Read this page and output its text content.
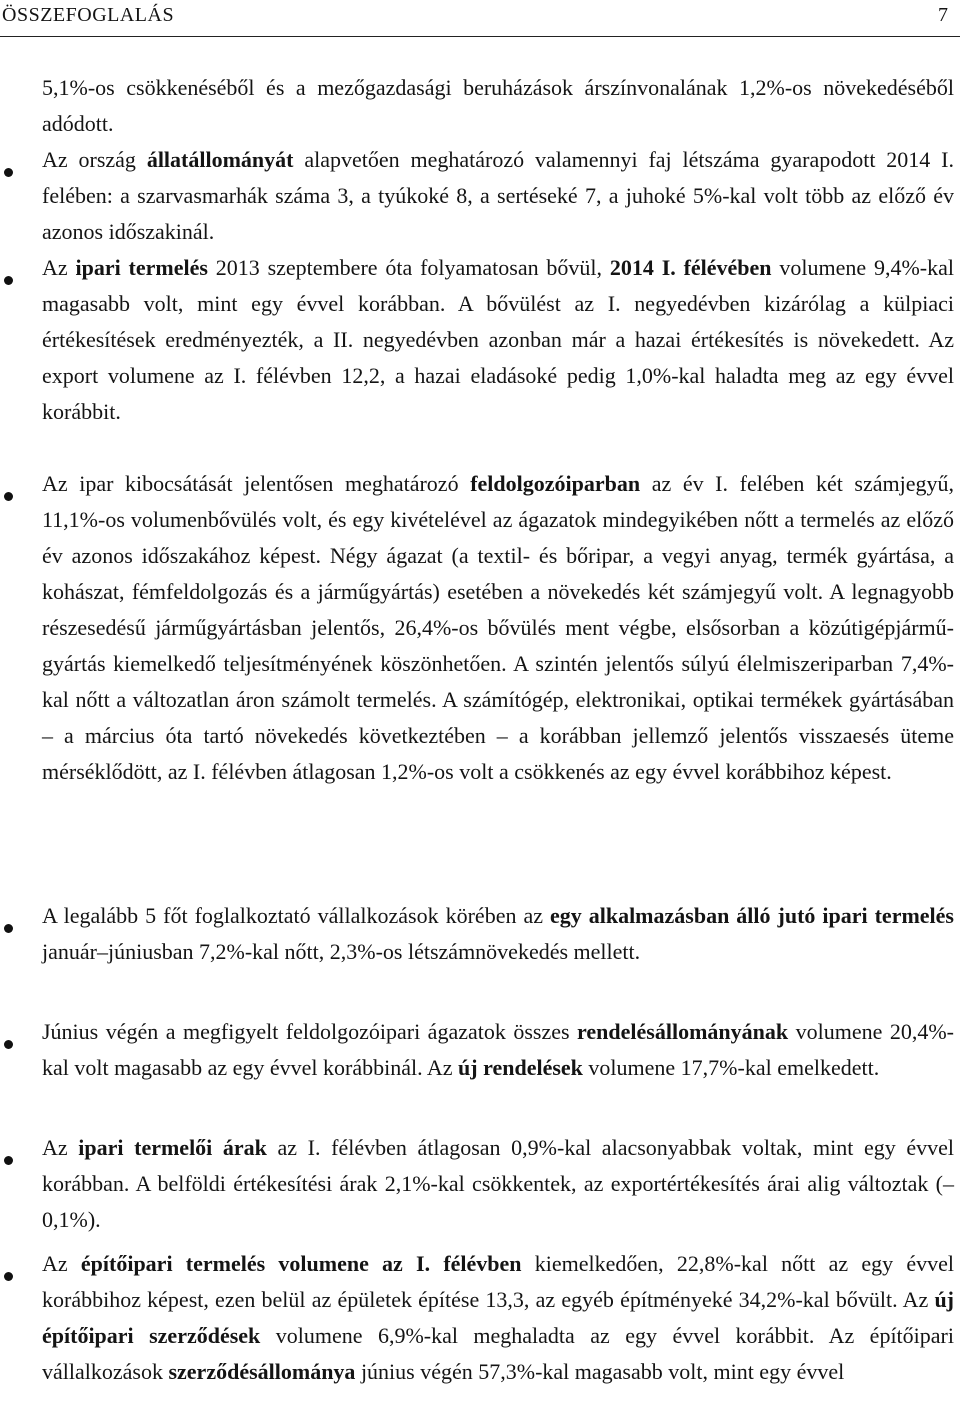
ÖSSZEFOGLALÁS	7
5,1%-os csökkenéséből és a mezőgazdasági beruházások árszínvonalának 1,2%-os növekedéséből adódott.
Az ország állatállományát alapvetően meghatározó valamennyi faj létszáma gyarapodott 2014 I. felében: a szarvasmarhák száma 3, a tyúkoké 8, a sertéseké 7, a juhoké 5%-kal volt több az előző év azonos időszakinál.
Az ipari termelés 2013 szeptembere óta folyamatosan bővül, 2014 I. félévében volumene 9,4%-kal magasabb volt, mint egy évvel korábban. A bővülést az I. negyedévben kizárólag a külpiaci értékesítések eredményezték, a II. negyedévben azonban már a hazai értékesítés is növekedett. Az export volumene az I. félévben 12,2, a hazai eladásoké pedig 1,0%-kal haladta meg az egy évvel korábbit.
Az ipar kibocsátását jelentősen meghatározó feldolgozóiparban az év I. felében két számjegyű, 11,1%-os volumenbővülés volt, és egy kivételével az ágazatok mindegyikében nőtt a termelés az előző év azonos időszakához képest. Négy ágazat (a textil- és bőripar, a vegyi anyag, termék gyártása, a kohászat, fémfeldolgozás és a járműgyártás) esetében a növekedés két számjegyű volt. A legnagyobb részesedésű járműgyártásban jelentős, 26,4%-os bővülés ment végbe, elsősorban a közútigépjármű-gyártás kiemelkedő teljesítményének köszönhetően. A szintén jelentős súlyú élelmiszeriparban 7,4%-kal nőtt a változatlan áron számolt termelés. A számítógép, elektronikai, optikai termékek gyártásában – a március óta tartó növekedés következtében – a korábban jellemző jelentős visszaesés üteme mérséklődött, az I. félévben átlagosan 1,2%-os volt a csökkenés az egy évvel korábbihoz képest.
A legalább 5 főt foglalkoztató vállalkozások körében az egy alkalmazásban álló jutó ipari termelés január–júniusban 7,2%-kal nőtt, 2,3%-os létszámnövekedés mellett.
Június végén a megfigyelt feldolgozóipari ágazatok összes rendelésállományának volumene 20,4%-kal volt magasabb az egy évvel korábbinál. Az új rendelések volumene 17,7%-kal emelkedett.
Az ipari termelői árak az I. félévben átlagosan 0,9%-kal alacsonyabbak voltak, mint egy évvel korábban. A belföldi értékesítési árak 2,1%-kal csökkentek, az exportértékesítés árai alig változtak (–0,1%).
Az építőipari termelés volumene az I. félévben kiemelkedően, 22,8%-kal nőtt az egy évvel korábbihoz képest, ezen belül az épületek építése 13,3, az egyéb építményeké 34,2%-kal bővült. Az új építőipari szerződések volumene 6,9%-kal meghaladta az egy évvel korábbit. Az építőipari vállalkozások szerződésállománya június végén 57,3%-kal magasabb volt, mint egy évvel
